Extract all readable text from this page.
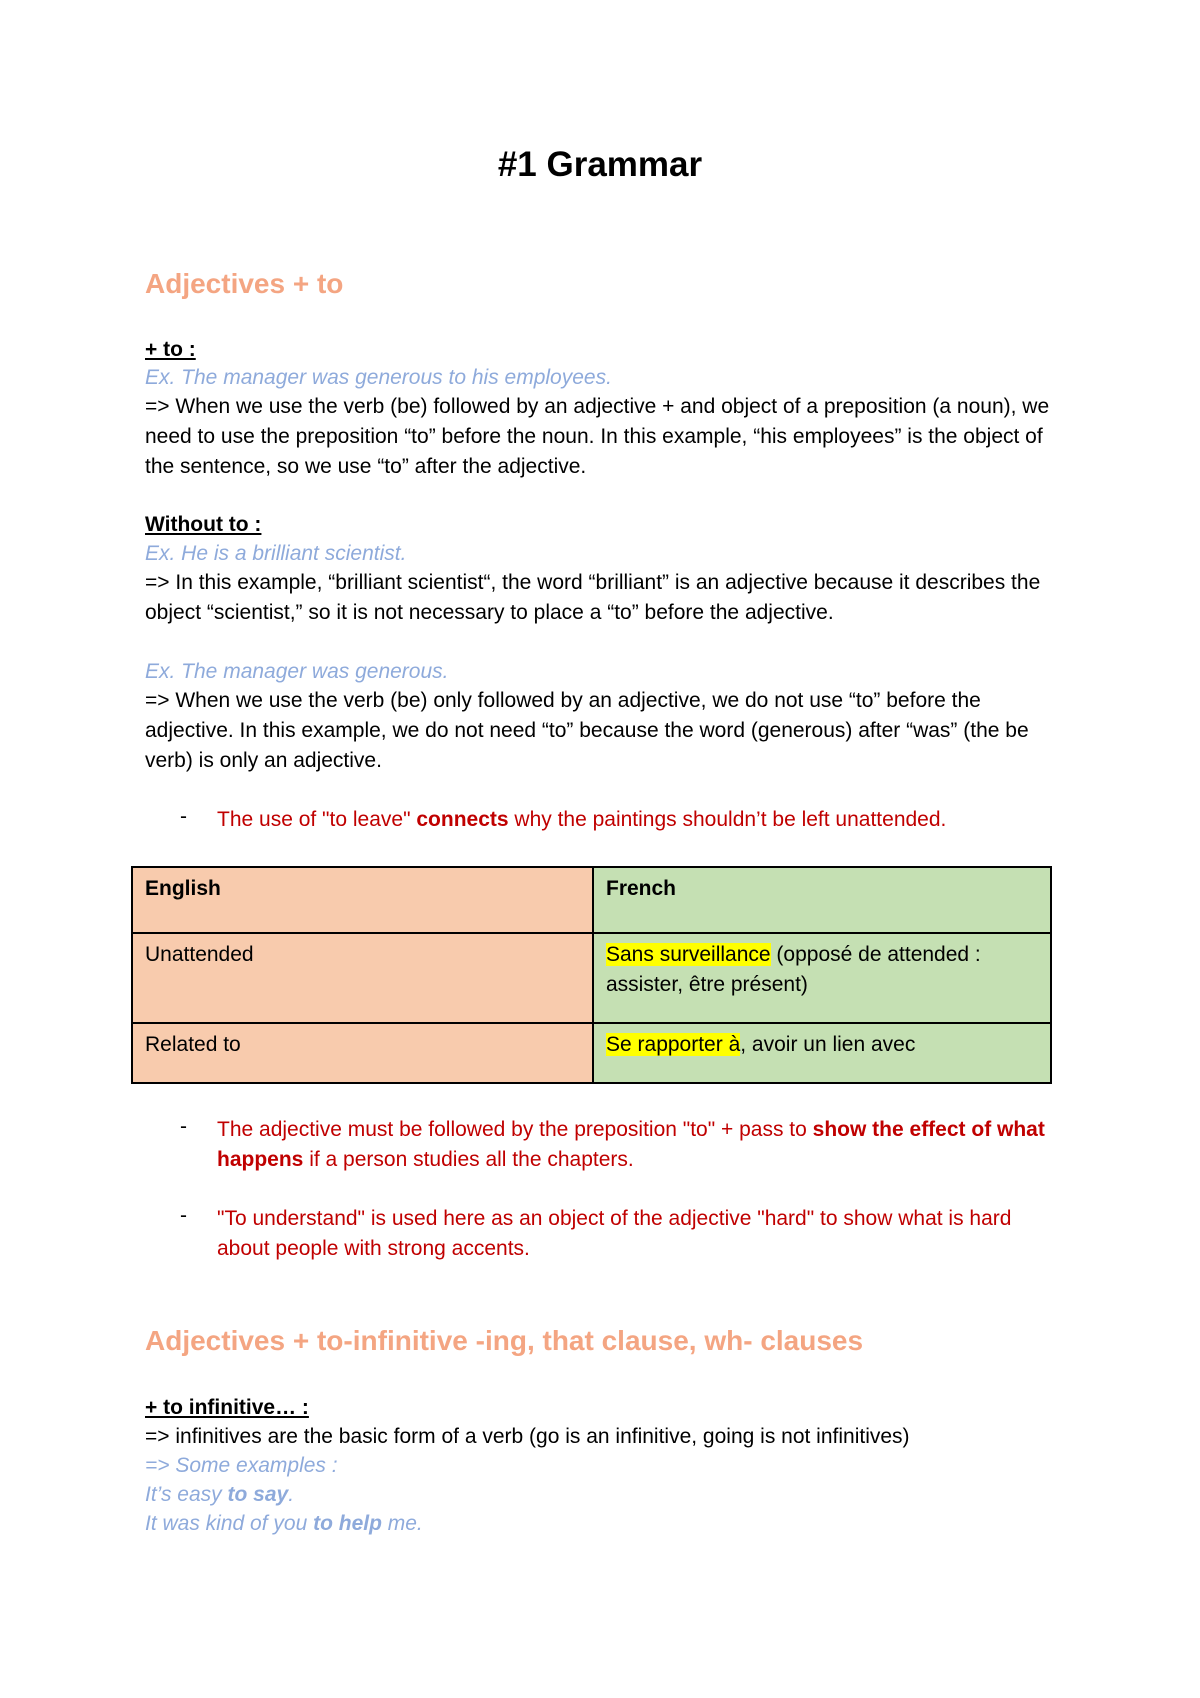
#1 Grammar
Adjectives + to
+ to :
Ex. The manager was generous to his employees.
=> When we use the verb (be) followed by an adjective + and object of a preposition (a noun), we need to use the preposition “to” before the noun. In this example, “his employees” is the object of the sentence, so we use “to” after the adjective.
Without to :
Ex. He is a brilliant scientist.
=> In this example, “brilliant scientist“, the word “brilliant” is an adjective because it describes the object “scientist,” so it is not necessary to place a “to” before the adjective.
Ex. The manager was generous.
=> When we use the verb (be) only followed by an adjective, we do not use “to” before the adjective. In this example, we do not need “to” because the word (generous) after “was” (the be verb) is only an adjective.
- The use of "to leave" connects why the paintings shouldn’t be left unattended.
English	French
Unattended	Sans surveillance (opposé de attended : assister, être présent)
Related to	Se rapporter à, avoir un lien avec
- The adjective must be followed by the preposition "to" + pass to show the effect of what happens if a person studies all the chapters.
- "To understand" is used here as an object of the adjective "hard" to show what is hard about people with strong accents.
Adjectives + to-infinitive -ing, that clause, wh- clauses
+ to infinitive… :
=> infinitives are the basic form of a verb (go is an infinitive, going is not infinitives)
=> Some examples :
It’s easy to say.
It was kind of you to help me.
